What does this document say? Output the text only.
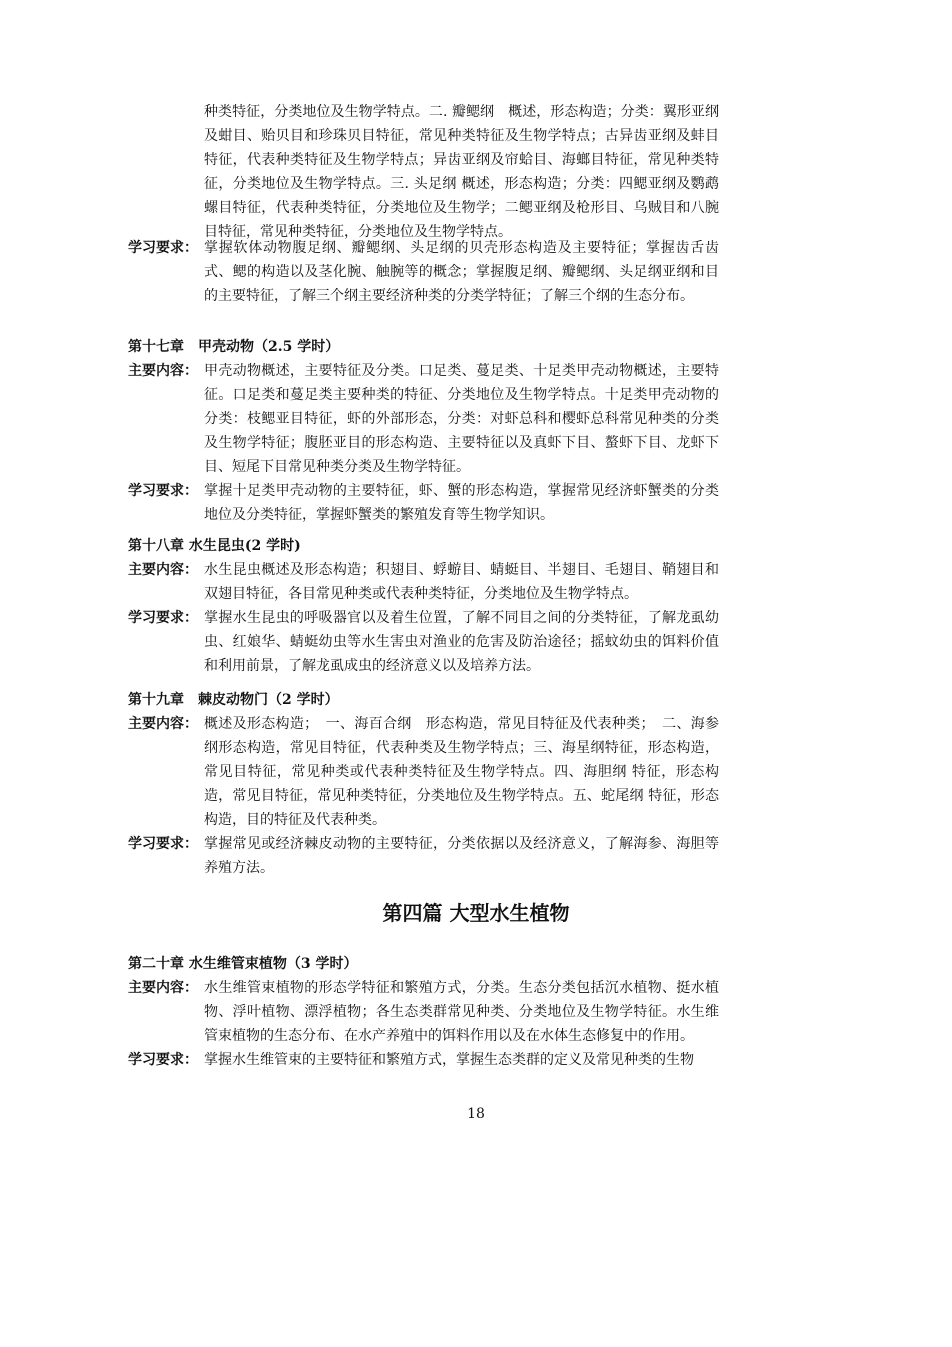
种类特征，分类地位及生物学特点。二. 瓣鳃纲　概述，形态构造；分类：翼形亚纲及蚶目、贻贝目和珍珠贝目特征，常见种类特征及生物学特点；古异齿亚纲及蚌目特征，代表种类特征及生物学特点；异齿亚纲及帘蛤目、海螂目特征，常见种类特征，分类地位及生物学特点。三. 头足纲 概述，形态构造；分类：四鳃亚纲及鹦鹉螺目特征，代表种类特征，分类地位及生物学；二鳃亚纲及枪形目、乌贼目和八腕目特征，常见种类特征，分类地位及生物学特点。
学习要求： 掌握软体动物腹足纲、瓣鳃纲、头足纲的贝壳形态构造及主要特征；掌握齿舌齿式、鳃的构造以及茎化腕、触腕等的概念；掌握腹足纲、瓣鳃纲、头足纲亚纲和目的主要特征，了解三个纲主要经济种类的分类学特征；了解三个纲的生态分布。
第十七章　甲壳动物（2.5 学时）
主要内容： 甲壳动物概述，主要特征及分类。口足类、蔓足类、十足类甲壳动物概述，主要特征。口足类和蔓足类主要种类的特征、分类地位及生物学特点。十足类甲壳动物的分类：枝鳃亚目特征，虾的外部形态，分类：对虾总科和樱虾总科常见种类的分类及生物学特征；腹胚亚目的形态构造、主要特征以及真虾下目、螯虾下目、龙虾下目、短尾下目常见种类分类及生物学特征。
学习要求： 掌握十足类甲壳动物的主要特征，虾、蟹的形态构造，掌握常见经济虾蟹类的分类地位及分类特征，掌握虾蟹类的繁殖发育等生物学知识。
第十八章 水生昆虫(2 学时)
主要内容： 水生昆虫概述及形态构造；积翅目、蜉蝣目、蜻蜓目、半翅目、毛翅目、鞘翅目和双翅目特征，各目常见种类或代表种类特征，分类地位及生物学特点。
学习要求： 掌握水生昆虫的呼吸器官以及着生位置，了解不同目之间的分类特征，了解龙虱幼虫、红娘华、蜻蜓幼虫等水生害虫对渔业的危害及防治途径；摇蚊幼虫的饵料价值和利用前景，了解龙虱成虫的经济意义以及培养方法。
第十九章　棘皮动物门（2 学时）
主要内容： 概述及形态构造；　一、海百合纲　形态构造，常见目特征及代表种类；　二、海参纲形态构造，常见目特征，代表种类及生物学特点；三、海星纲特征，形态构造，常见目特征，常见种类或代表种类特征及生物学特点。四、海胆纲 特征，形态构造，常见目特征，常见种类特征，分类地位及生物学特点。五、蛇尾纲 特征，形态构造，目的特征及代表种类。
学习要求： 掌握常见或经济棘皮动物的主要特征，分类依据以及经济意义，了解海参、海胆等养殖方法。
第四篇 大型水生植物
第二十章 水生维管束植物（3 学时）
主要内容： 水生维管束植物的形态学特征和繁殖方式，分类。生态分类包括沉水植物、挺水植物、浮叶植物、漂浮植物；各生态类群常见种类、分类地位及生物学特征。水生维管束植物的生态分布、在水产养殖中的饵料作用以及在水体生态修复中的作用。
学习要求： 掌握水生维管束的主要特征和繁殖方式，掌握生态类群的定义及常见种类的生物
18
